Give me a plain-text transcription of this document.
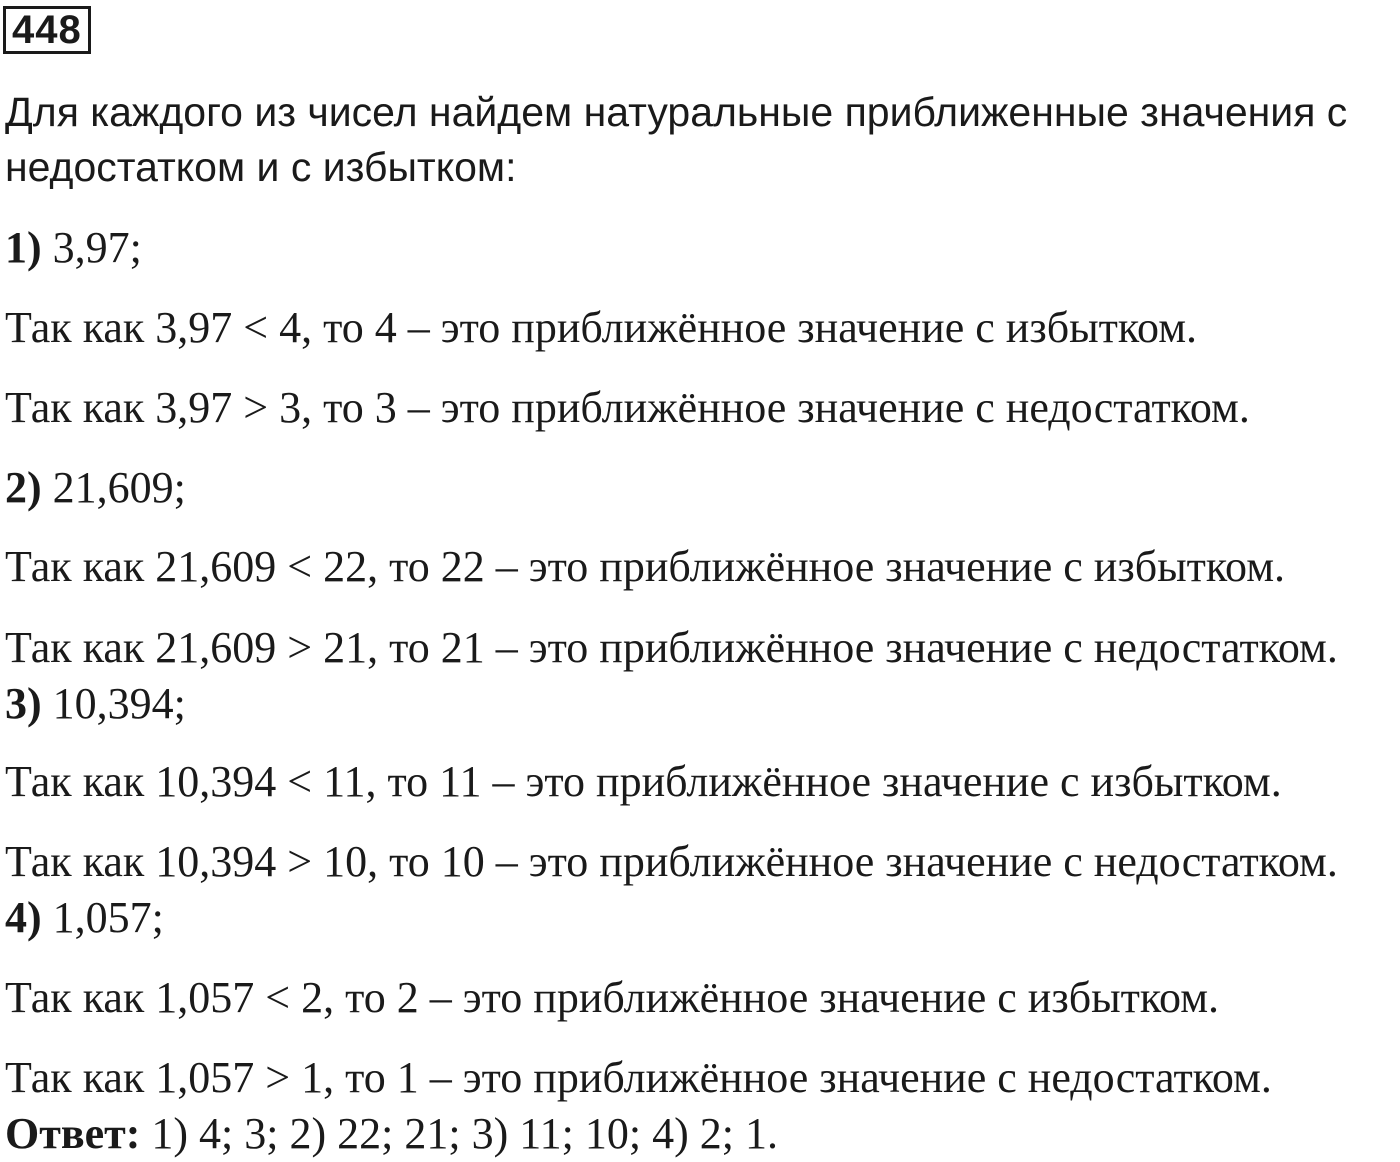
448
Для каждого из чисел найдем натуральные приближенные значения с
недостатком и с избытком:
1) 3,97;
Так как 3,97 < 4, то 4 – это приближённое значение с избытком.
Так как 3,97 > 3, то 3 – это приближённое значение с недостатком.
2) 21,609;
Так как 21,609 < 22, то 22 – это приближённое значение с избытком.
Так как 21,609 > 21, то 21 – это приближённое значение с недостатком.
3) 10,394;
Так как 10,394 < 11, то 11 – это приближённое значение с избытком.
Так как 10,394 > 10, то 10 – это приближённое значение с недостатком.
4) 1,057;
Так как 1,057 < 2, то 2 – это приближённое значение с избытком.
Так как 1,057 > 1, то 1 – это приближённое значение с недостатком.
Ответ: 1) 4; 3; 2) 22; 21; 3) 11; 10; 4) 2; 1.
